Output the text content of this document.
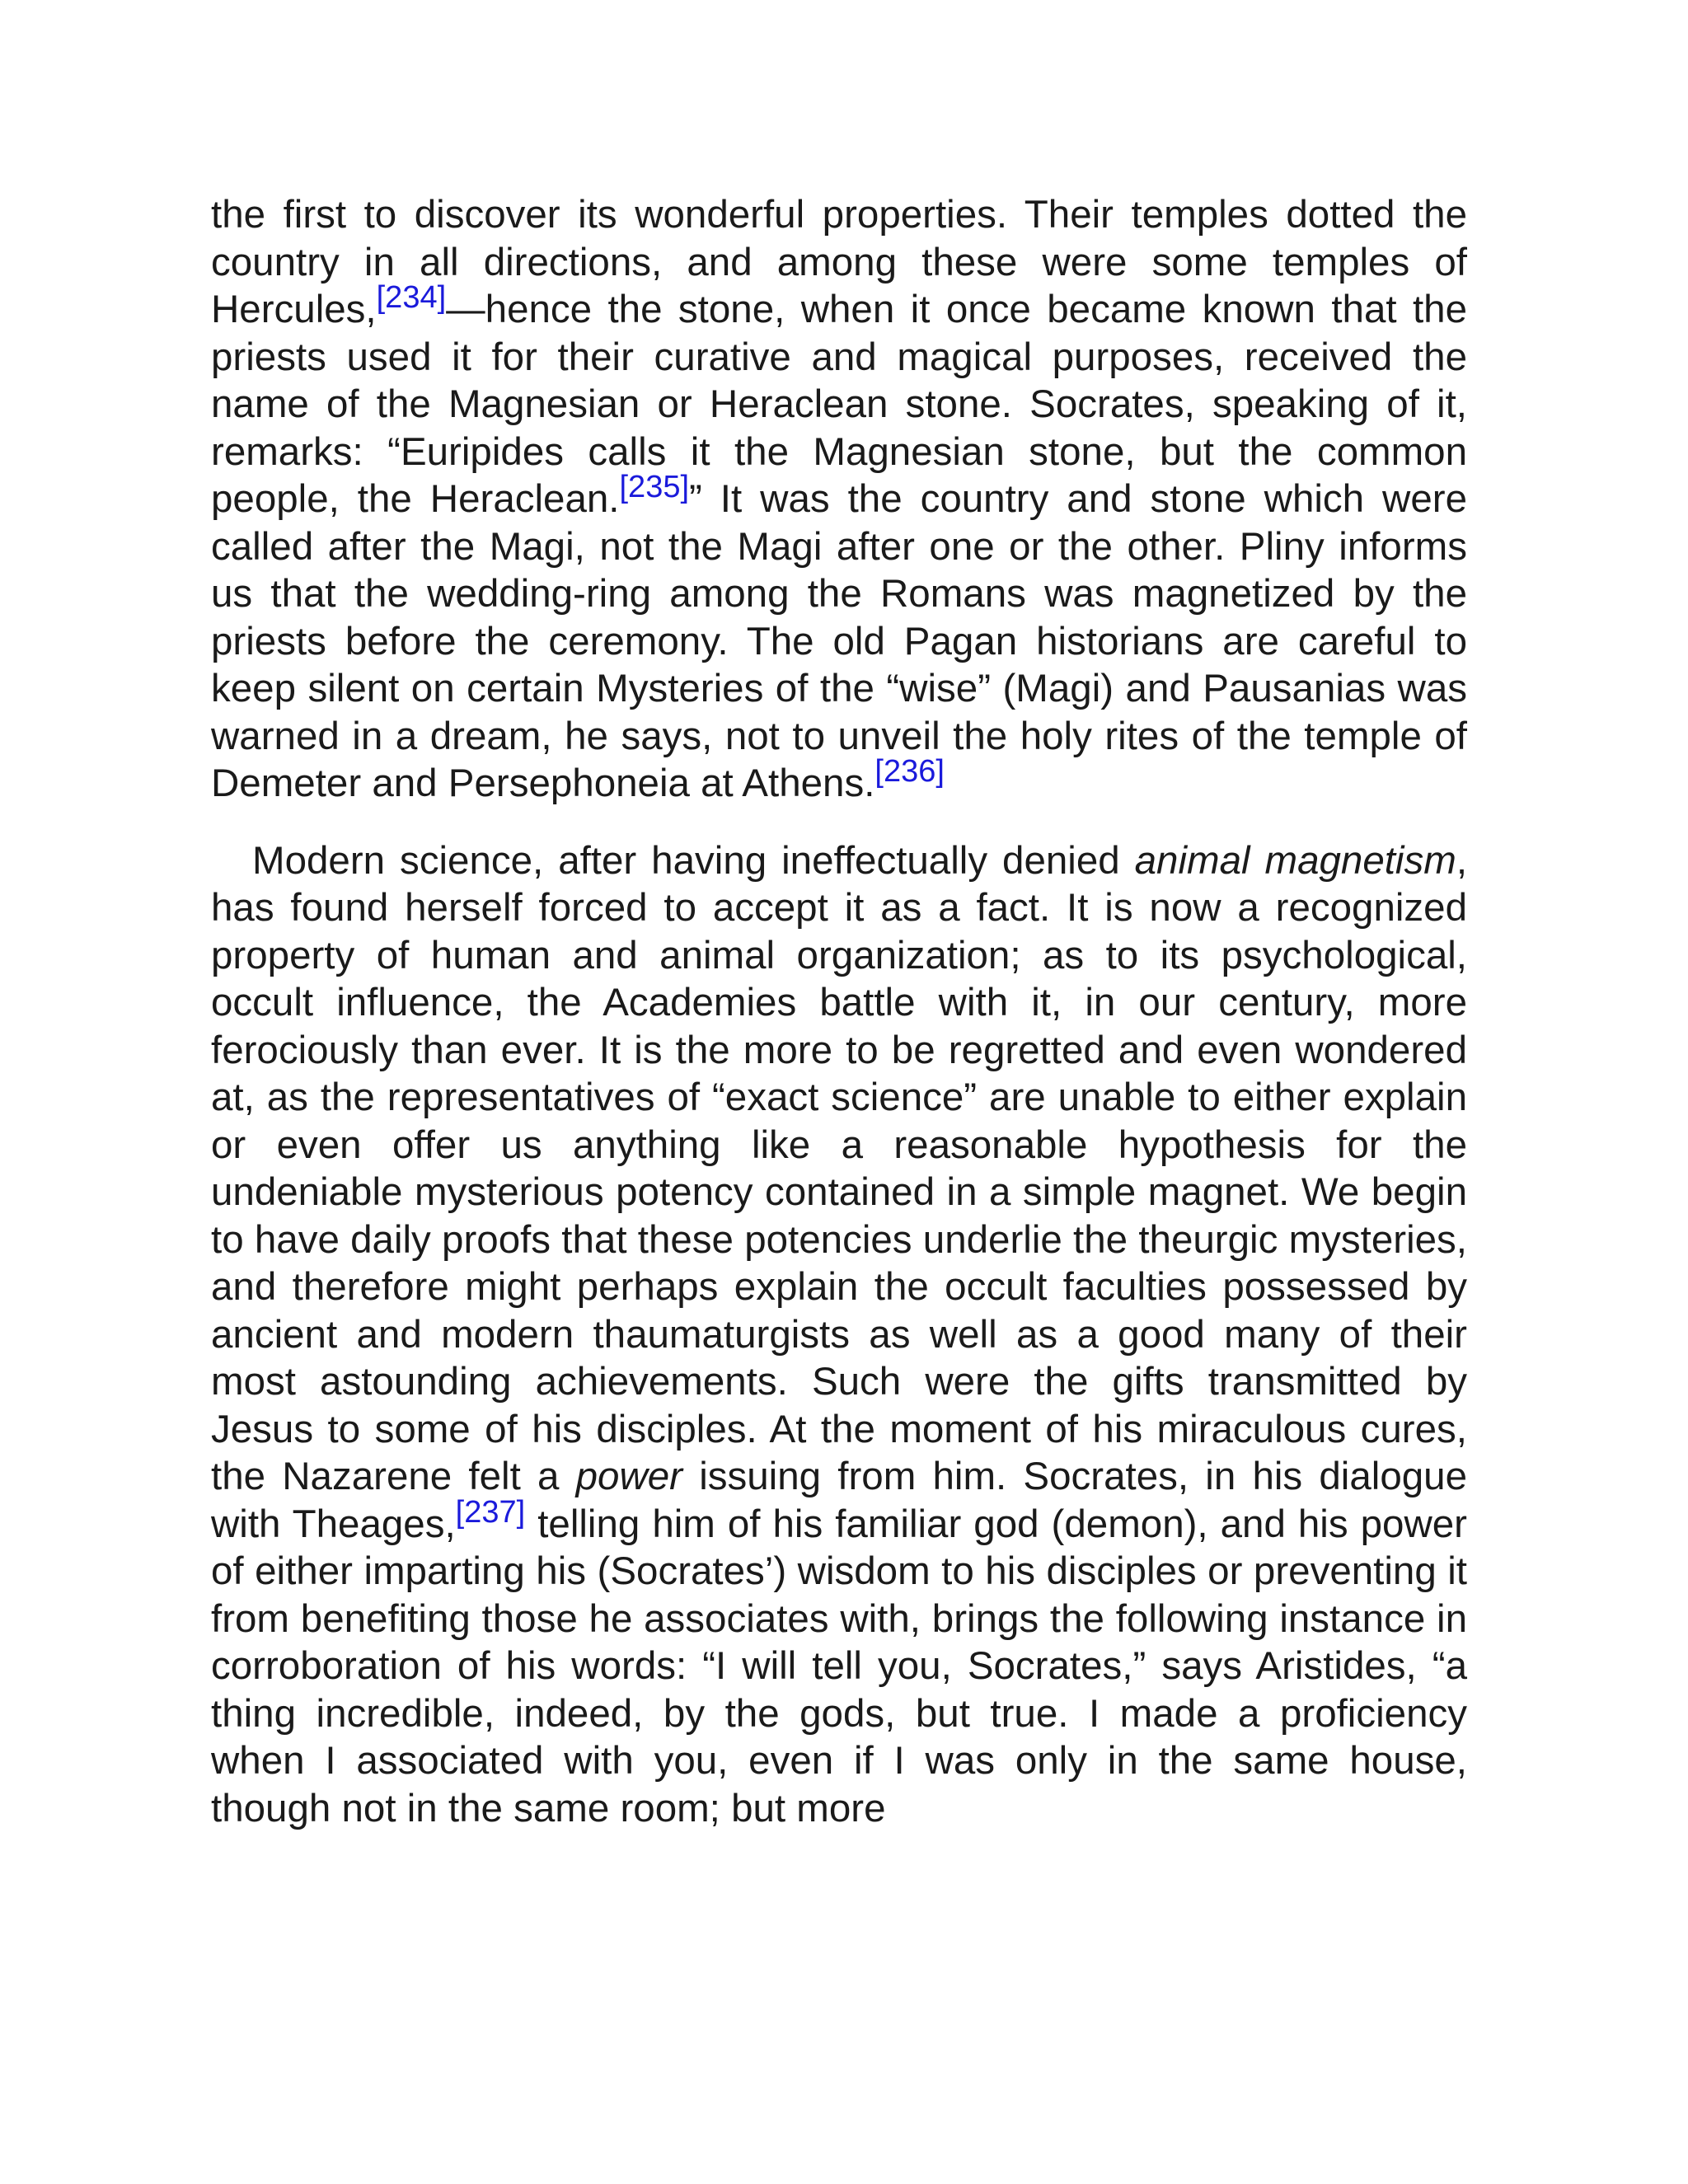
the first to discover its wonderful properties. Their temples dotted the country in all directions, and among these were some temples of Hercules,[234]—hence the stone, when it once became known that the priests used it for their curative and magical purposes, received the name of the Magnesian or Heraclean stone. Socrates, speaking of it, remarks: “Euripides calls it the Magnesian stone, but the common people, the Heraclean.[235]” It was the country and stone which were called after the Magi, not the Magi after one or the other. Pliny informs us that the wedding-ring among the Romans was magnetized by the priests before the ceremony. The old Pagan historians are careful to keep silent on certain Mysteries of the “wise” (Magi) and Pausanias was warned in a dream, he says, not to unveil the holy rites of the temple of Demeter and Persephoneia at Athens.[236]

Modern science, after having ineffectually denied animal magnetism, has found herself forced to accept it as a fact. It is now a recognized property of human and animal organization; as to its psychological, occult influence, the Academies battle with it, in our century, more ferociously than ever. It is the more to be regretted and even wondered at, as the representatives of “exact science” are unable to either explain or even offer us anything like a reasonable hypothesis for the undeniable mysterious potency contained in a simple magnet. We begin to have daily proofs that these potencies underlie the theurgic mysteries, and therefore might perhaps explain the occult faculties possessed by ancient and modern thaumaturgists as well as a good many of their most astounding achievements. Such were the gifts transmitted by Jesus to some of his disciples. At the moment of his miraculous cures, the Nazarene felt a power issuing from him. Socrates, in his dialogue with Theages,[237] telling him of his familiar god (demon), and his power of either imparting his (Socrates’) wisdom to his disciples or preventing it from benefiting those he associates with, brings the following instance in corroboration of his words: “I will tell you, Socrates,” says Aristides, “a thing incredible, indeed, by the gods, but true. I made a proficiency when I associated with you, even if I was only in the same house, though not in the same room; but more
